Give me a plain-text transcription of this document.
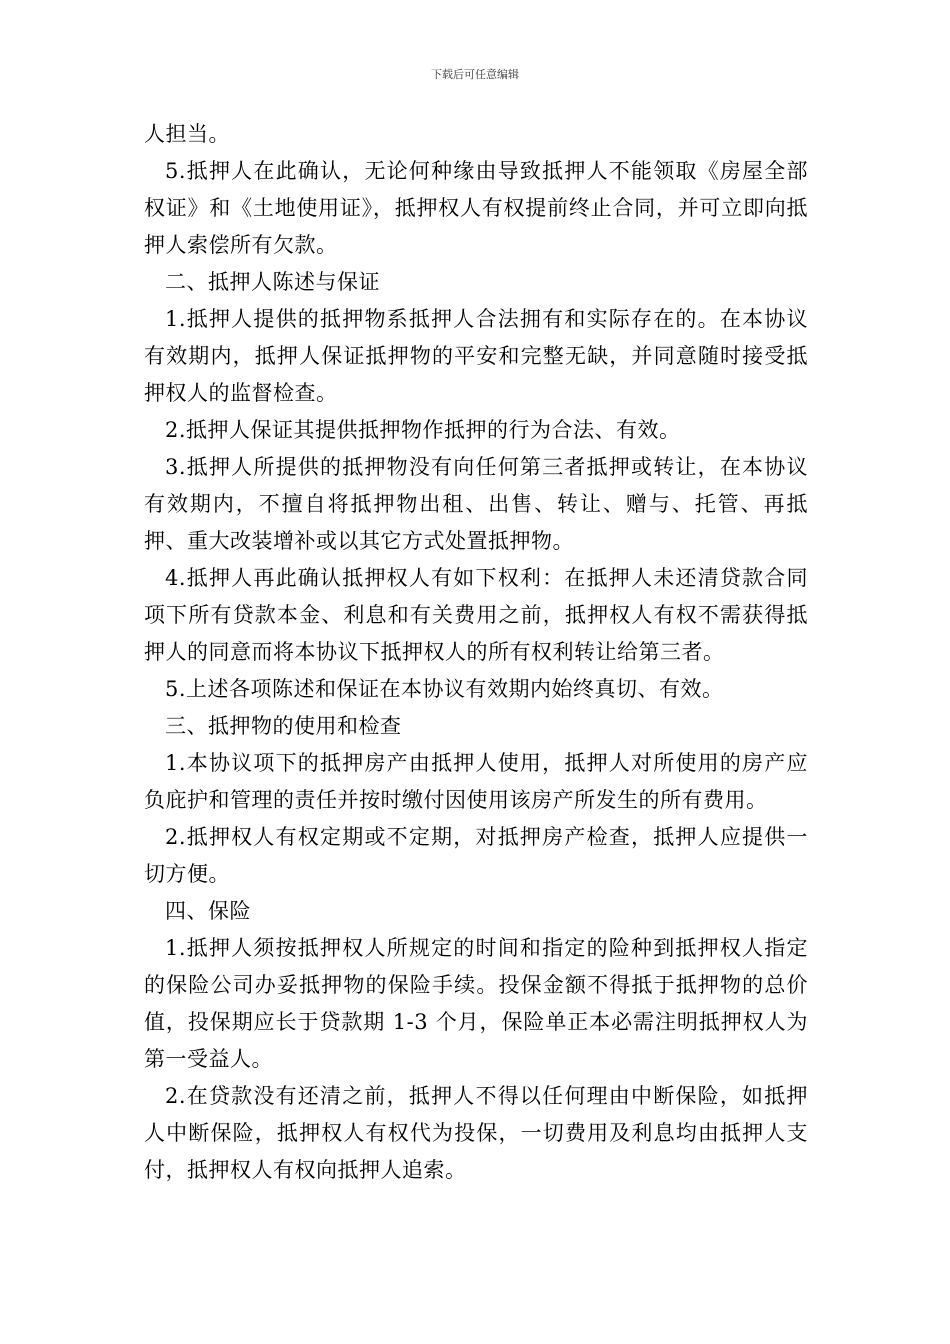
下载后可任意编辑

人担当。

5.抵押人在此确认，无论何种缘由导致抵押人不能领取《房屋全部权证》和《土地使用证》，抵押权人有权提前终止合同，并可立即向抵押人索偿所有欠款。

二、抵押人陈述与保证

1.抵押人提供的抵押物系抵押人合法拥有和实际存在的。在本协议有效期内，抵押人保证抵押物的平安和完整无缺，并同意随时接受抵押权人的监督检查。

2.抵押人保证其提供抵押物作抵押的行为合法、有效。

3.抵押人所提供的抵押物没有向任何第三者抵押或转让，在本协议有效期内，不擅自将抵押物出租、出售、转让、赠与、托管、再抵押、重大改装增补或以其它方式处置抵押物。

4.抵押人再此确认抵押权人有如下权利：在抵押人未还清贷款合同项下所有贷款本金、利息和有关费用之前，抵押权人有权不需获得抵押人的同意而将本协议下抵押权人的所有权利转让给第三者。

5.上述各项陈述和保证在本协议有效期内始终真切、有效。

三、抵押物的使用和检查

1.本协议项下的抵押房产由抵押人使用，抵押人对所使用的房产应负庇护和管理的责任并按时缴付因使用该房产所发生的所有费用。

2.抵押权人有权定期或不定期，对抵押房产检查，抵押人应提供一切方便。

四、保险

1.抵押人须按抵押权人所规定的时间和指定的险种到抵押权人指定的保险公司办妥抵押物的保险手续。投保金额不得抵于抵押物的总价值，投保期应长于贷款期 1-3 个月，保险单正本必需注明抵押权人为第一受益人。

2.在贷款没有还清之前，抵押人不得以任何理由中断保险，如抵押人中断保险，抵押权人有权代为投保，一切费用及利息均由抵押人支付，抵押权人有权向抵押人追索。
